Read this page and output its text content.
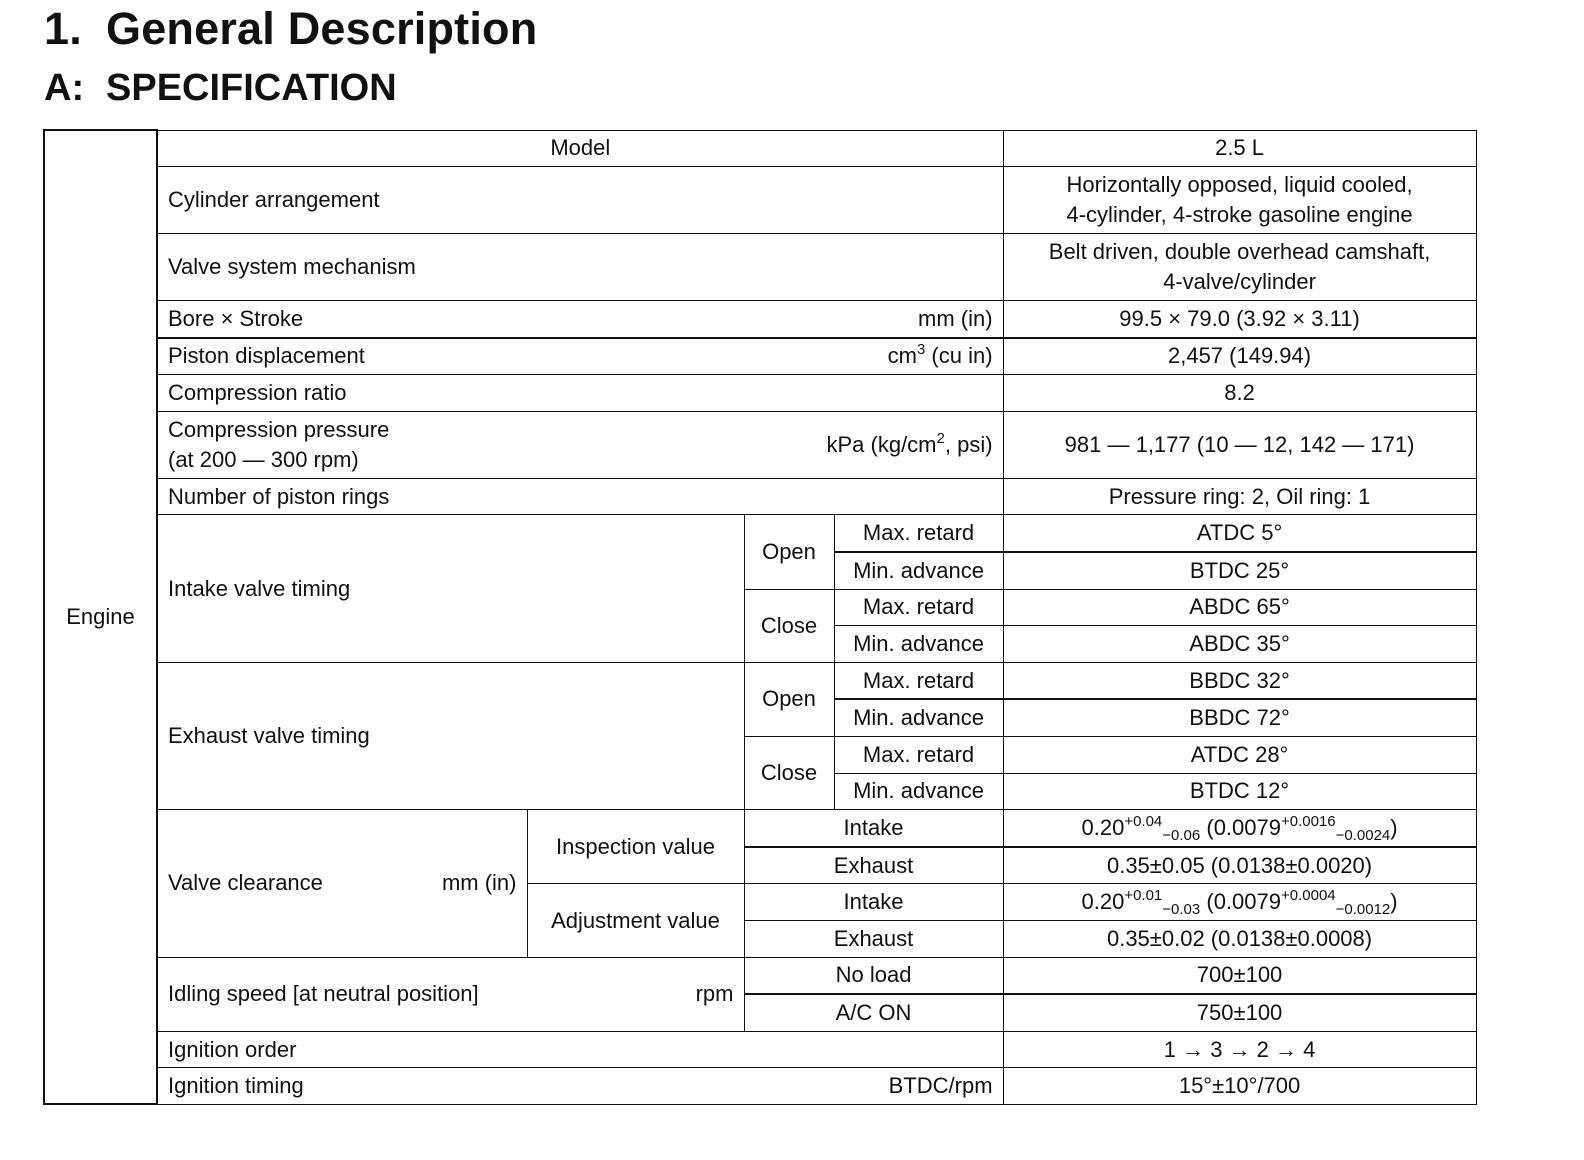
1. General Description
A: SPECIFICATION
Engine	Model				2.5 L
	Cylinder arrangement				Horizontally opposed, liquid cooled,
4-cylinder, 4-stroke gasoline engine
	Valve system mechanism				Belt driven, double overhead camshaft,
4-valve/cylinder

	Bore × Stroke mm (in)				99.5 × 79.0 (3.92 × 3.11)

	Piston displacement $cm^3$ (cu in)				2,457 (149.94)
	Compression ratio				8.2

	Compression pressure
(at 200 — 300 rpm)
kPa ($kg/cm^2$, psi)				981 — 1,177 (10 — 12, 142 — 171)
	Number of piston rings				Pressure ring: 2, Oil ring: 1
	Intake valve timing		Open	Max. retard	ATDC 5°
				Min. advance	BTDC 25°
			Close	Max. retard	ABDC 65°
				Min. advance	ABDC 35°
	Exhaust valve timing		Open	Max. retard	BBDC 32°
				Min. advance	BBDC 72°
			Close	Max. retard	ATDC 28°
				Min. advance	BTDC 12°

	Valve clearance mm (in)	Inspection value	Intake		$0.20^{+0.04}_{-0.06}$ $(0.0079^{+0.0016}_{-0.0024})$
			Exhaust		0.35±0.05 (0.0138±0.0020)
		Adjustment value	Intake		$0.20^{+0.01}_{-0.03}$ $(0.0079^{+0.0004}_{-0.0012})$
			Exhaust		0.35±0.02 (0.0138±0.0008)

	Idling speed [at neutral position] rpm		No load		700±100
			A/C ON		750±100
	Ignition order				1 → 3 → 2 → 4

	Ignition timing BTDC/rpm				15°±10°/700
